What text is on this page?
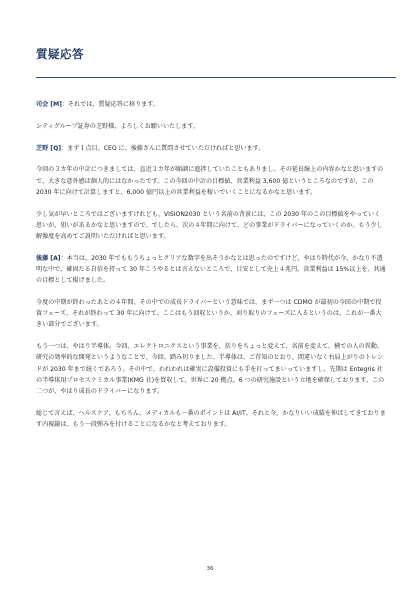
質疑応答

司会 [M]：それでは、質疑応答に移ります。

シティグループ証券の芝野様、よろしくお願いいたします。

芝野 [Q]：まず１点目、CEO に、後藤さんに質問させていただければと思います。

今回の３カ年の中計につきましては、直近３カ年が順調に進捗していたこともありまし、その延長線上の内容かなと思いますので、大きな意外感は個人的にはなかったです。この今回の中計の目標値、営業利益 3,600 億というところなのですが、この 2030 年に向けて計算しますと、6,000 億円以上の営業利益を稼いでいくことになるかなと思います。

少し気が早いところではございますけれども、VISION2030 という名前の背景には、この 2030 年のこの目標値をやっていく思いが、狙いがあるかなと思いますので、でしたら、次の４年間に向けて、どの事業がドライバーになっていくのか。もう少し解像度を高めてご説明いただければと思います。

後藤 [A]：本当は、2030 年でももうちょっとクリアな数字を出そうかなとは思ったのですけど、やはり時代が今、かなり不透明な中で、確固たる自信を持って 30 年こうやるとは言えないところで、目安として売上４兆円、営業利益は 15%以上を、共通の目標として掲げました。

今度の中期が終わったあとの４年間、その中での成長ドライバーという意味では、まず一つは CDMO が最初の今回の中期で投資フェーズ、それが終わって 30 年に向けて、ここはもう回収というか、刈り取りのフェーズに入るというのは、これが一番大きい部分でございます。

もう一つは、やはり半導体。今回、エレクトロニクスという事業を、括りをちょっと変えて、名前を変えて、横での人の異動、研究の効率的な開発というようなことで、今回、踏み切りました。半導体は、ご存知のとおり、間違いなく右肩上がりのトレンドが 2030 年まで続くであろう。その中で、われわれは確実に設備投資にも手を打ってまいっていますし、先期は Entegris 社の半導体用プロセスケミカル事業(KMG 社)を買収して、世界に 20 拠点、6 つの研究施設という立地を確保しております。この二つが、やはり成長のドライバーになります。

総じて言えば、ヘルスケア、もちろん。メディカルも一番のポイントは AI/IT、それと今、かなりいい成績を伸ばしてきております内視鏡は、もう一段弾みを付けることになるかなと考えております。

36
